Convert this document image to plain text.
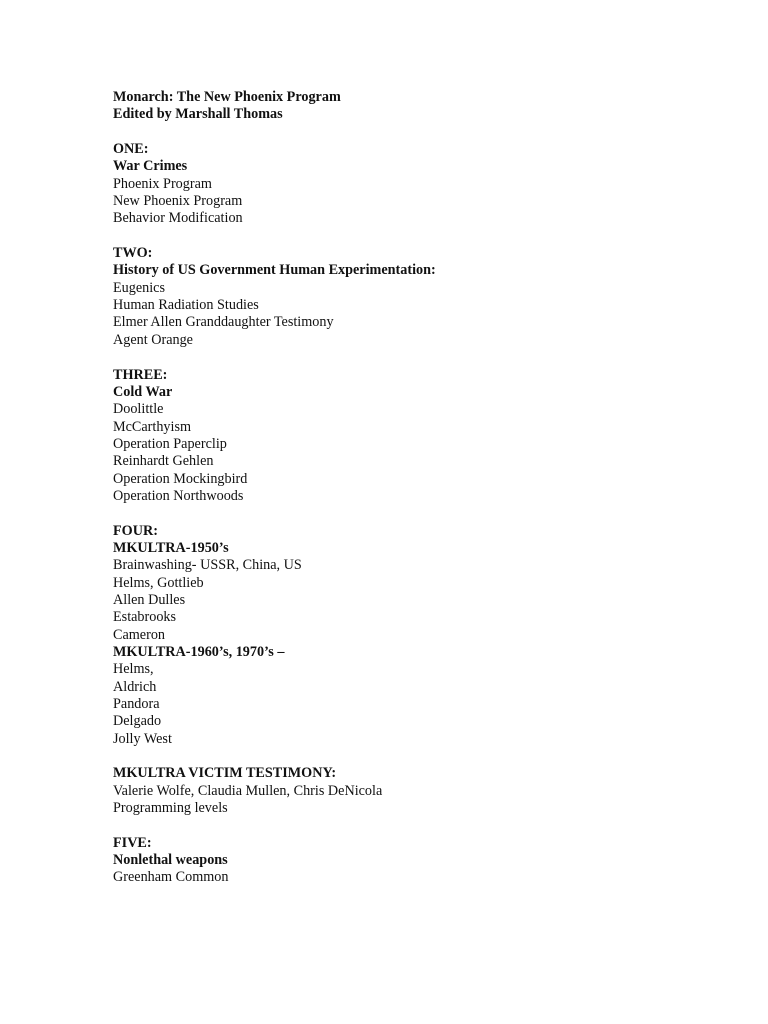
Monarch: The New Phoenix Program
Edited by Marshall Thomas
ONE:
War Crimes
Phoenix Program
New Phoenix Program
Behavior Modification
TWO:
History of US Government Human Experimentation:
Eugenics
Human Radiation Studies
Elmer Allen Granddaughter Testimony
Agent Orange
THREE:
Cold War
Doolittle
McCarthyism
Operation Paperclip
Reinhardt Gehlen
Operation Mockingbird
Operation Northwoods
FOUR:
MKULTRA-1950’s
Brainwashing- USSR, China, US
Helms, Gottlieb
Allen Dulles
Estabrooks
Cameron
MKULTRA-1960’s, 1970’s –
Helms,
Aldrich
Pandora
Delgado
Jolly West
MKULTRA VICTIM TESTIMONY:
Valerie Wolfe, Claudia Mullen, Chris DeNicola
Programming levels
FIVE:
Nonlethal weapons
Greenham Common
